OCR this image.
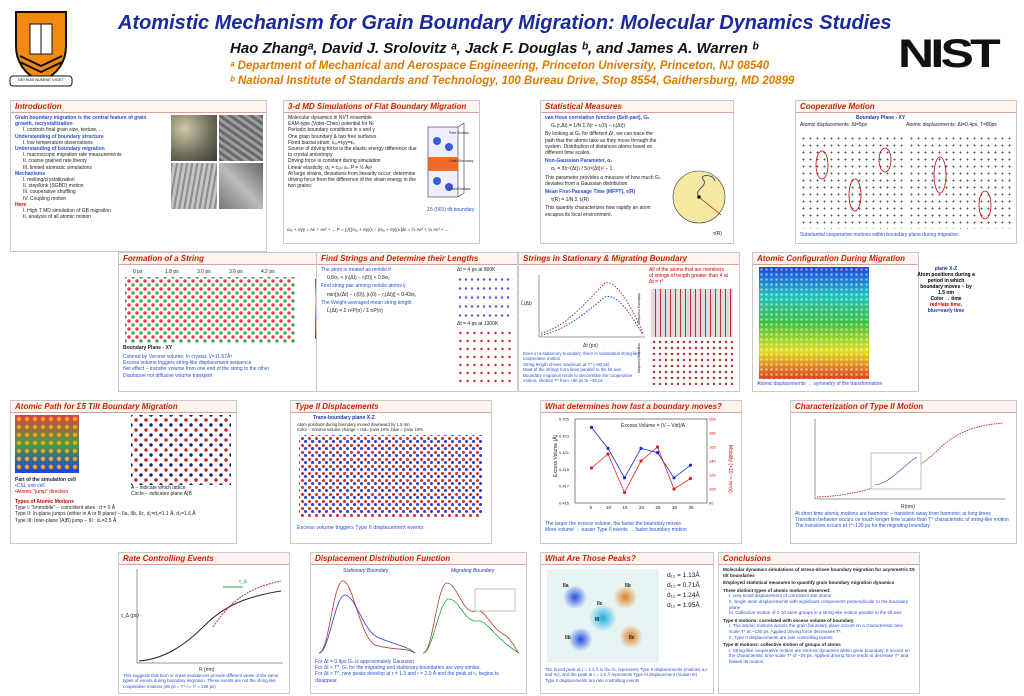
DEI SUB NUMINE VIGET
Atomistic Mechanism for Grain Boundary Migration: Molecular Dynamics Studies
Hao Zhangᵃ, David J. Srolovitz ᵃ, Jack F. Douglas ᵇ, and James A. Warren ᵇ
ᵃ Department of Mechanical and Aerospace Engineering, Princeton University, Princeton, NJ 08540
ᵇ National Institute of Standards and Technology, 100 Bureau Drive, Stop 8554, Gaithersburg, MD 20899
NIST
Introduction
Grain boundary migration is the central feature of grain growth, recrystallization
I. controls final grain size, texture, ...
Understanding of boundary structure
I. low temperature observations
Understanding of boundary migration
I. macroscopic migration rate measurements
II. coarse grained rate theory
III. limited atomistic simulations
Mechanisms
I. melting/crystallization
II. step/kink (SGBD) motion
III. cooperative shuffling
IV. Coupling motion
Here
I. High T MD simulation of GB migration
II. analysis of all atomic motion
3-d MD Simulations of Flat Boundary Migration
Molecular dynamics in NVT ensemble
EAM-type (Voter-Chen) potential for Ni
Periodic boundary conditions in x and y
One grain boundary & two free surfaces
Fixed biaxial strain, εₓₓ=εyy=ε₀
Source of driving force is the elastic energy difference due to crystal anisotropy
Driving force is constant during simulation
Linear elasticity: σᵢⱼ = cᵢⱼₖₗ εₖₗ P = ½ Aε²
At large strains, deviations from linearity occur; determine driving force from the difference of the strain energy in the two grains:
σₓₓ + σyy = Aε + Aε² + ... P = ∫₀ᵋ[(σₓₓ + σyy)ᵢ − (σₓₓ + σyy)ₖ]dε = ½ Aε² + ⅓ Aε³ + ...
Free Surface
Grain Boundary
Fixed Surface
Σ5 (001) tilt boundary
Statistical Measures
van Hove correlation function (Self-part), Gₛ
Gₛ(r,Δt) = 1/N Σ δ(r + rᵢ(0) − rᵢ(Δt))
By looking at Gₛ for different Δt, we can trace the path that the atoms take as they move through the system. Distribution of distances atoms travel on different time scales.
Non-Gaussian Parameter, α₂
α₂ = 3⟨r⁴(Δt)⟩ / 5⟨r²(Δt)⟩² − 1
This parameter provides a measure of how much Gₛ deviates from a Gaussian distribution.
Mean First-Passage Time (MFPT), τ(R)
τ(R) = 1/N Σ τᵢ(R)
This quantity characterizes how rapidly an atom escapes its local environment.
τ(R)
Cooperative Motion
Boundary Plane - XY
Atomic displacements: Δt=5ps	Atomic displacements: Δt=0.4ps, T=80ps
Substantial cooperative motions within boundary plane during migration
Formation of a String
0 ps	1.8 ps	3.0 ps	3.6 ps	4.2 ps
Boundary Plane - XY
Colored by Voronoi volume; In crystal, V=11.67Å³
Excess volume triggers string-like displacement sequence
Net effect – transfer volume from one end of the string to the other
Displacive not diffusive volume transport
Find Strings and Determine their Lengths
The atom is treated as mobile if
0.8σ₀ < |rᵢ(Δt) − rᵢ(0)| < 0.8σ₀
Find string pair among mobile atoms ij
min[|rᵢ(Δt) − rⱼ(0)|, |rᵢ(0) − rⱼ(Δt)|] < 0.43σ₀
The Weight-averaged mean string length
L̄(Δt) = Σ n²P(n) / Σ nP(n)
Δt = 4 ps at 800K
Δt = 4 ps at 1300K
Strings in Stationary & Migrating Boundary
All of the atoms that are members of strings of length greater than 4 at Δt = τ*
L̄(Δt)
Δt (ps)
stationary boundary
migrating boundary
Even in a stationary boundary, there is substantial string-like cooperative motion
String length shows maximum at T* (~80 ps)
Most of the strings form lines parallel to the tilt axis
Boundary migration tends to decorrelate the cooperative motion, shorten T* from ~80 ps to ~36 ps
Atomic Configuration During Migration
Atomic displacements → symmetry of the transformation
plane X-Z
Atom positions during a period in which boundary moves ~ by 1.5 nm
Color → time
red=late time,
blue=early time
Atomic Path for Σ5 Tilt Boundary Migration
Part of the simulation cell
•CSL unit cell
•Atomic "jump" direction
A – indicate which lattice
Circle – indicates plane A|B
Types of Atomic Motions
Type I: "Immobile" – coincident sites : d = 0 Å
Type II: In-plane jumps (either in A or B plane) – IIa, IIb, IIc, d₁=d₂=1.1 Å, d₃=1.6 Å
Type III: Inter-plane (A|B) jump – III : d₄=2.5 Å
Type II Displacements
Trans-boundary plane X-Z
Atom positions during boundary moved downward by 1.5 nm
Color – Voronoi volume change ~ red= (over 10% ,blue = (over 10%
Excess volume triggers Type II displacement events
What determines how fast a boundary moves?
5	10	15	20	25	30	35
0.415
0.417
0.419
0.421
0.423
0.425
80
100
120
140
160
180
200
Excess Volume (Å)	Mobility (×10⁻¹¹ m⁴/s)
Excess Volume = (V – Vid)/A
The larger the excess volume, the faster the boundary moves
More volume → easier Type II events → faster boundary motion
Characterization of Type II Motion
R(nm)
At short time atomic motions are harmonic – transition away from harmonic at long times
Transition behavior occurs on much longer time scales than T* characteristic of string-like motion
The transition occurs at τ*~130 ps for the migrating boundary
Rate Controlling Events
τ_Δ (ps)
τ_d
R (nm)
This suggests that born or erase avoidances provide different views of the same types of events during boundary migration. These events are not the string-like cooperative motions (26 ps = T* <= τ* = 130 ps)
Displacement Distribution Function
Stationary Boundary	Migrating Boundary
For Δt = 0.8ps Gₛ is approximately Gaussian
For Δt < T*, Gₛ for the migrating and stationary boundaries are very similar.
For Δt > T*, new peaks develop at r = 1.3 and r = 2.0 Å and the peak at r₀ begins to disappear.
What Are Those Peaks?
IIa	IIb
IIc
III
IIb	IIc
d₁₂ = 1.13Å
d₁₂ = 0.71Å
d₁₂ = 1.24Å
d₁₂ = 1.95Å
The broad peak at r = 1.3 Å in the Gₛ represents Type II displacements (motions a,c and IIc), and the peak at r = 2.0 Å represents Type III displacement (motion III)
Type II displacements are rate controlling events
Conclusions
Molecular dynamics simulations of stress-driven boundary migration for asymmetric Σ5 tilt boundaries
Employed statistical measures to quantify grain boundary migration dynamics
Three distinct types of atomic motions observed:
I. very small displacement of coincident site atoms
II. single atom displacements with significant components perpendicular to the boundary plane
III. Collective motion of 2-10 atom groups in a string-like motion parallel to the tilt axis
Type II motions: correlated with excess volume of boundary
I. The atomic motions across the grain boundary plane occurs on a characteristic time scale T* at ~130 ps. Applied driving force decreases T*.
II. Type II displacements are rate controlling events
Type III motions: collective motion of groups of atoms
I. String-like cooperative motion are intrinsic dynamics within grain boundary. It occurs on the characteristic time scale T* of ~26 ps. Applied driving force tends to decrease T* and biases its motion.
